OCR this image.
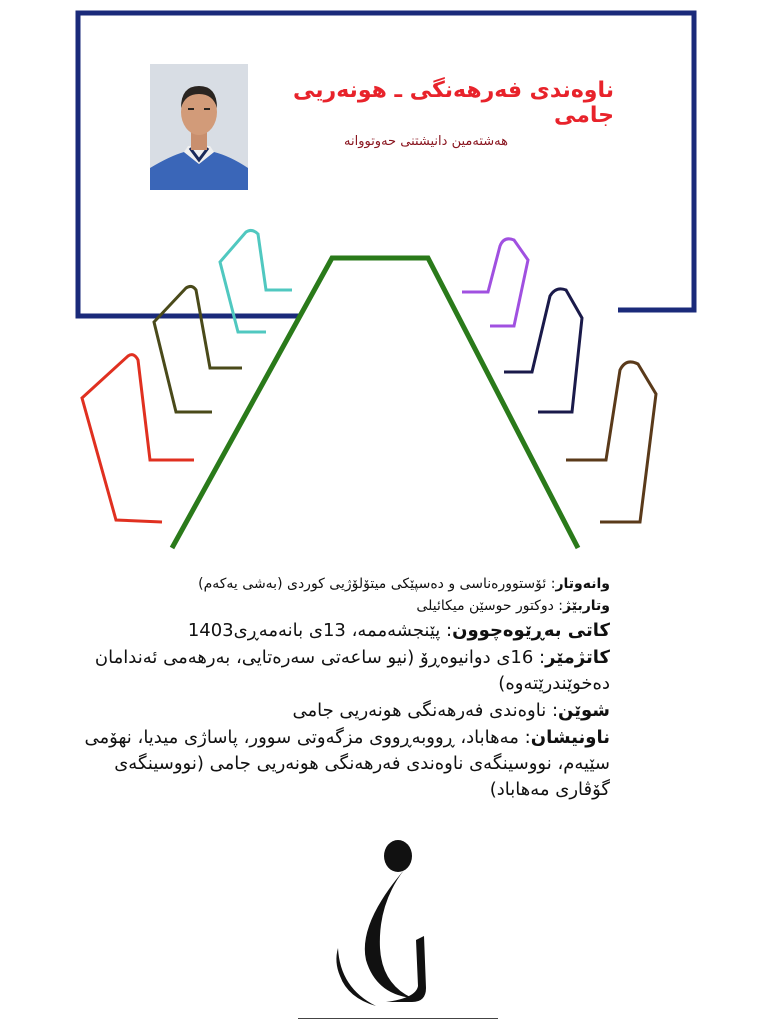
ناوەندی فەرهەنگی ـ هونەریی جامی
هەشتەمین دانیشتنی حەوتووانە
وانەوتار: ئۆستوورەناسی و دەسپێکی میتۆلۆژیی کوردی (بەشی یەکەم)
وتاربێژ: دوکتور حوسێن میکائیلی
کاتی بەڕێوەچوون: پێنجشەممە، 13ی بانەمەڕی1403
کاتژمێر: 16ی دوانیوەڕۆ (نیو ساعەتی سەرەتایی، بەرهەمی ئەندامان دەخوێندرێتەوە)
شوێن: ناوەندی فەرهەنگی هونەریی جامی
ناونیشان: مەهاباد، ڕووبەڕووی مزگەوتی سوور، پاساژی میدیا، نهۆمی سێیەم، نووسینگەی ناوەندی فەرهەنگی هونەریی جامی (نووسینگەی گۆڤاری مەهاباد)
